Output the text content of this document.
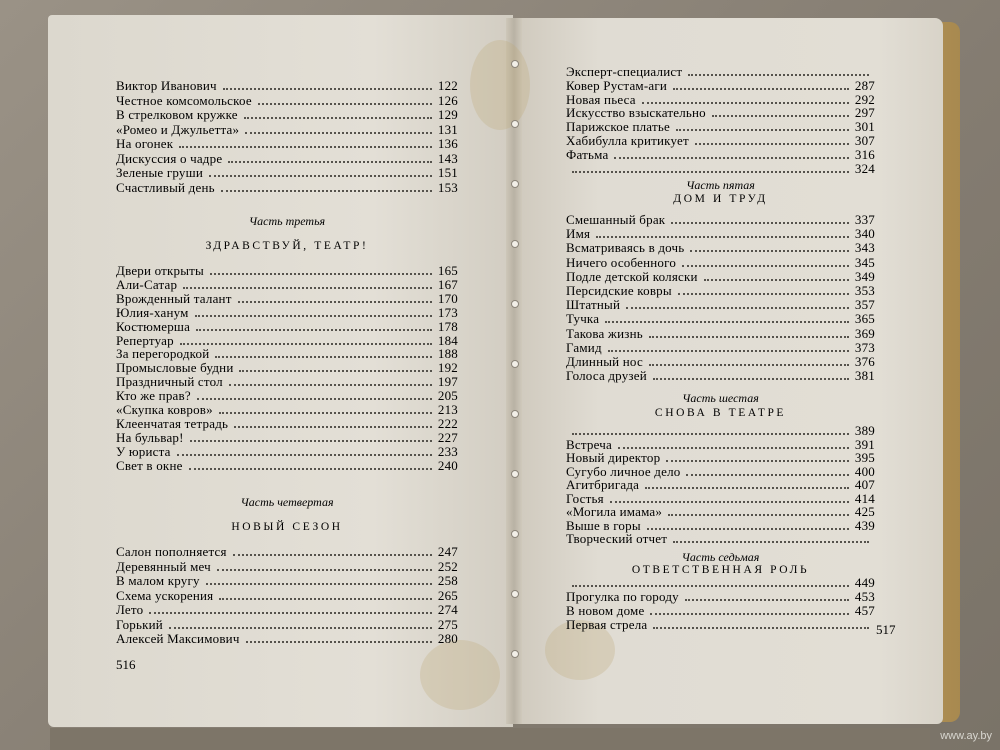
Виктор Иванович	122
Честное комсомольское	126
В стрелковом кружке	129
«Ромео и Джульетта»	131
На огонек	136
Дискуссия о чадре	143
Зеленые груши	151
Счастливый день	153
Часть третья
ЗДРАВСТВУЙ, ТЕАТР!
Двери открыты	165
Али-Сатар	167
Врожденный талант	170
Юлия-ханум	173
Костюмерша	178
Репертуар	184
За перегородкой	188
Промысловые будни	192
Праздничный стол	197
Кто же прав?	205
«Скупка ковров»	213
Клеенчатая тетрадь	222
На бульвар!	227
У юриста	233
Свет в окне	240
Часть четвертая
НОВЫЙ СЕЗОН
Салон пополняется	247
Деревянный меч	252
В малом кругу	258
Схема ускорения	265
Лето	274
Горький	275
Алексей Максимович	280
Эксперт-специалист
Ковер Рустам-аги	287
Новая пьеса	292
Искусство взыскательно	297
Парижское платье	301
Хабибулла критикует	307
Фатьма	316
324
Часть пятая
ДОМ И ТРУД
Смешанный брак	337
Имя	340
Всматриваясь в дочь	343
Ничего особенного	345
Подле детской коляски	349
Персидские ковры	353
Штатный	357
Тучка	365
Такова жизнь	369
Гамид	373
Длинный нос	376
Голоса друзей	381
Часть шестая
СНОВА В ТЕАТРЕ
389
Встреча	391
Новый директор	395
Сугубо личное дело	400
Агитбригада	407
Гостья	414
«Могила имама»	425
Выше в горы	439
Творческий отчет
Часть седьмая
ОТВЕТСТВЕННАЯ РОЛЬ
449
Прогулка по городу	453
В новом доме	457
Первая стрела
516
517
www.ay.by
